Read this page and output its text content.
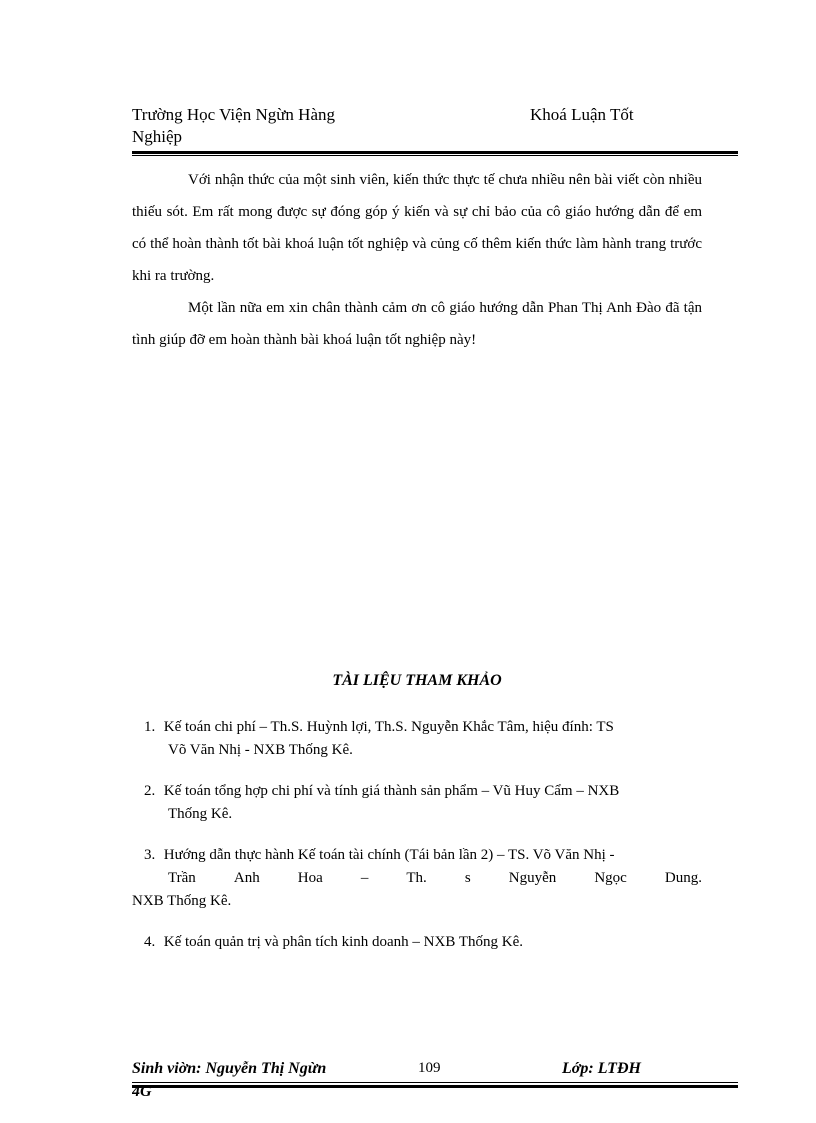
Trường Học Viện Ngừn Hàng
Nghiệp
Khoá Luận Tốt

Với nhận thức của một sinh viên, kiến thức thực tế chưa nhiều nên bài viết còn nhiều thiếu sót. Em rất mong được sự đóng góp ý kiến và sự chỉ bảo của cô giáo hướng dẫn để em có thể hoàn thành tốt bài khoá luận tốt nghiệp và củng cố thêm kiến thức làm hành trang trước khi ra trường.

Một lần nữa em xin chân thành cảm ơn cô giáo hướng dẫn Phan Thị Anh Đào đã tận tình giúp đỡ em hoàn thành bài khoá luận tốt nghiệp này!

TÀI LIỆU THAM KHẢO
1. Kế toán chi phí – Th.S. Huỳnh lợi, Th.S. Nguyễn Khắc Tâm, hiệu đính: TS
Võ Văn Nhị - NXB Thống Kê.
2. Kế toán tổng hợp chi phí và tính giá thành sản phẩm – Vũ Huy Cẩm – NXB
Thống Kê.
3. Hướng dẫn thực hành Kế toán tài chính (Tái bản lần 2) – TS. Võ Văn Nhị -
Trần	Anh	Hoa	–	Th.	s	Nguyễn	Ngọc	Dung.
NXB Thống Kê.
4. Kế toán quản trị và phân tích kinh doanh – NXB Thống Kê.
Sinh viờn: Nguyễn Thị Ngừn	109	Lớp: LTĐH
4G
